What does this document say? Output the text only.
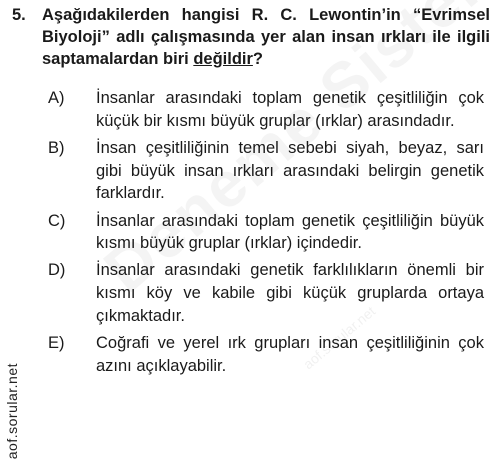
aof.sorular.net
aof.sorular.net
5. Aşağıdakilerden hangisi R. C. Lewontin’in “Evrimsel Biyoloji” adlı çalışmasında yer alan insan ırkları ile ilgili saptamalardan biri değildir?
A)	İnsanlar arasındaki toplam genetik çeşitliliğin çok küçük bir kısmı büyük gruplar (ırklar) arasındadır.
B)	İnsan çeşitliliğinin temel sebebi siyah, beyaz, sarı gibi büyük insan ırkları arasındaki belirgin genetik farklardır.
C)	İnsanlar arasındaki toplam genetik çeşitliliğin büyük kısmı büyük gruplar (ırklar) içindedir.
D)	İnsanlar arasındaki genetik farklılıkların önemli bir kısmı köy ve kabile gibi küçük gruplarda ortaya çıkmaktadır.
E)	Coğrafi ve yerel ırk grupları insan çeşitliliğinin çok azını açıklayabilir.
